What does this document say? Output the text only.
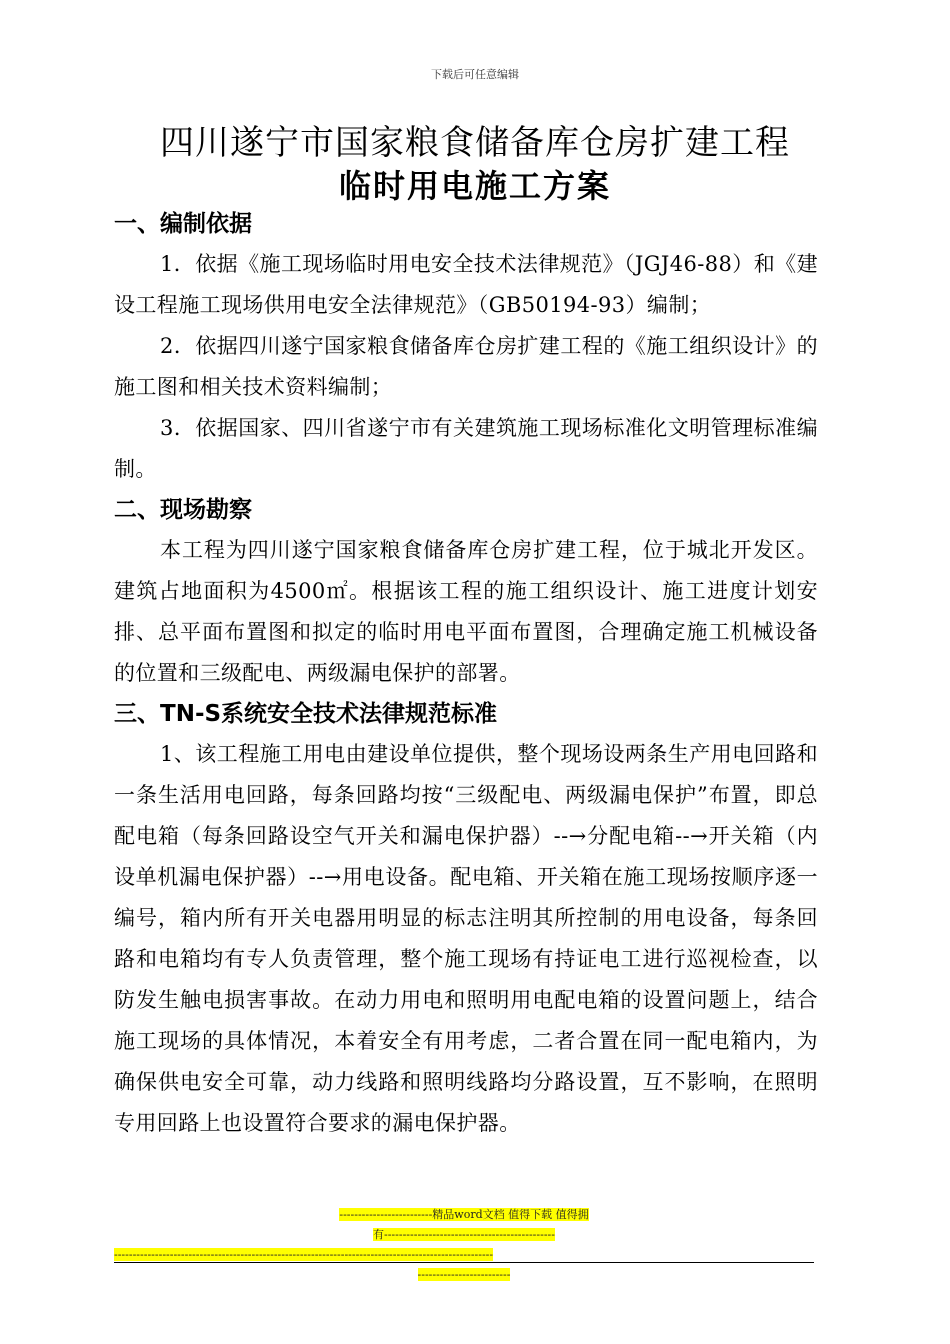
下载后可任意编辑
四川遂宁市国家粮食储备库仓房扩建工程
临时用电施工方案
一、编制依据

1．依据《施工现场临时用电安全技术法律规范》（JGJ46-88）和《建设工程施工现场供用电安全法律规范》（GB50194-93）编制；

2．依据四川遂宁国家粮食储备库仓房扩建工程的《施工组织设计》的施工图和相关技术资料编制；

3．依据国家、四川省遂宁市有关建筑施工现场标准化文明管理标准编制。

二、现场勘察

本工程为四川遂宁国家粮食储备库仓房扩建工程，位于城北开发区。建筑占地面积为4500㎡。根据该工程的施工组织设计、施工进度计划安排、总平面布置图和拟定的临时用电平面布置图，合理确定施工机械设备的位置和三级配电、两级漏电保护的部署。

三、TN-S系统安全技术法律规范标准

1、该工程施工用电由建设单位提供，整个现场设两条生产用电回路和一条生活用电回路，每条回路均按“三级配电、两级漏电保护”布置，即总配电箱（每条回路设空气开关和漏电保护器）--→分配电箱--→开关箱（内设单机漏电保护器）--→用电设备。配电箱、开关箱在施工现场按顺序逐一编号，箱内所有开关电器用明显的标志注明其所控制的用电设备，每条回路和电箱均有专人负责管理，整个施工现场有持证电工进行巡视检查，以防发生触电损害事故。在动力用电和照明用电配电箱的设置问题上，结合施工现场的具体情况，本着安全有用考虑，二者合置在同一配电箱内，为确保供电安全可靠，动力线路和照明线路均分路设置，互不影响，在照明专用回路上也设置符合要求的漏电保护器。

-------------------------精品word文档 值得下载 值得拥
有----------------------------------------------
------------------------------------------------------------------------------------------------------
-------------------------
